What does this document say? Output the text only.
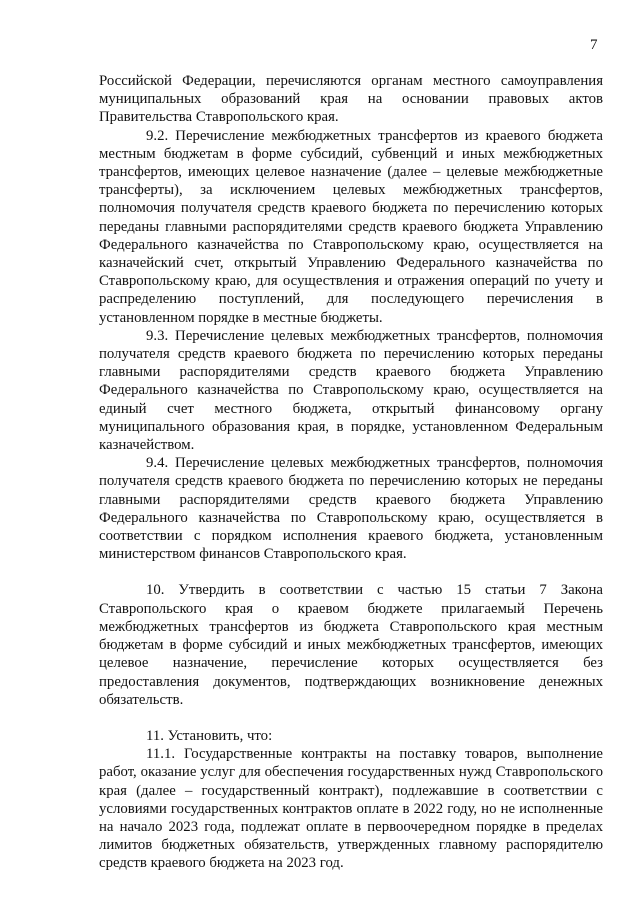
7

Российской Федерации, перечисляются органам местного самоуправления муниципальных образований края на основании правовых актов Правительства Ставропольского края.

9.2. Перечисление межбюджетных трансфертов из краевого бюджета местным бюджетам в форме субсидий, субвенций и иных межбюджетных трансфертов, имеющих целевое назначение (далее – целевые межбюджетные трансферты), за исключением целевых межбюджетных трансфертов, полномочия получателя средств краевого бюджета по перечислению которых переданы главными распорядителями средств краевого бюджета Управлению Федерального казначейства по Ставропольскому краю, осуществляется на казначейский счет, открытый Управлению Федерального казначейства по Ставропольскому краю, для осуществления и отражения операций по учету и распределению поступлений, для последующего перечисления в установленном порядке в местные бюджеты.

9.3. Перечисление целевых межбюджетных трансфертов, полномочия получателя средств краевого бюджета по перечислению которых переданы главными распорядителями средств краевого бюджета Управлению Федерального казначейства по Ставропольскому краю, осуществляется на единый счет местного бюджета, открытый финансовому органу муниципального образования края, в порядке, установленном Федеральным казначейством.

9.4. Перечисление целевых межбюджетных трансфертов, полномочия получателя средств краевого бюджета по перечислению которых не переданы главными распорядителями средств краевого бюджета Управлению Федерального казначейства по Ставропольскому краю, осуществляется в соответствии с порядком исполнения краевого бюджета, установленным министерством финансов Ставропольского края.

10. Утвердить в соответствии с частью 15 статьи 7 Закона Ставропольского края о краевом бюджете прилагаемый Перечень межбюджетных трансфертов из бюджета Ставропольского края местным бюджетам в форме субсидий и иных межбюджетных трансфертов, имеющих целевое назначение, перечисление которых осуществляется без предоставления документов, подтверждающих возникновение денежных обязательств.

11. Установить, что:

11.1. Государственные контракты на поставку товаров, выполнение работ, оказание услуг для обеспечения государственных нужд Ставропольского края (далее – государственный контракт), подлежавшие в соответствии с условиями государственных контрактов оплате в 2022 году, но не исполненные на начало 2023 года, подлежат оплате в первоочередном порядке в пределах лимитов бюджетных обязательств, утвержденных главному распорядителю средств краевого бюджета на 2023 год.
